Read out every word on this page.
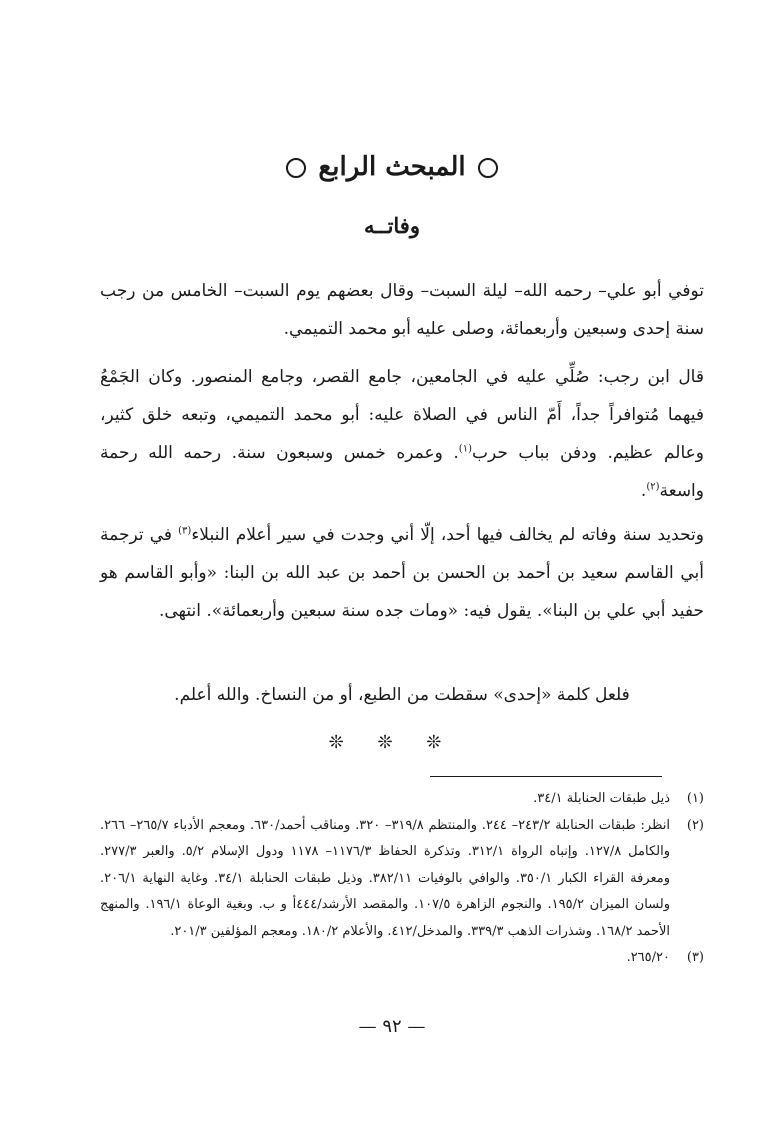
المبحث الرابع
وفاتــه

توفي أبو علي– رحمه الله– ليلة السبت– وقال بعضهم يوم السبت– الخامس من رجب سنة إحدى وسبعين وأربعمائة، وصلى عليه أبو محمد التميمي.

قال ابن رجب: صُلِّي عليه في الجامعين، جامع القصر، وجامع المنصور. وكان الجَمْعُ فيهما مُتوافراً جداً، أَمّ الناس في الصلاة عليه: أبو محمد التميمي، وتبعه خلق كثير، وعالم عظيم. ودفن بباب حرب$^{(١)}$. وعمره خمس وسبعون سنة. رحمه الله رحمة واسعة$^{(٢)}$.

وتحديد سنة وفاته لم يخالف فيها أحد، إلّا أني وجدت في سير أعلام النبلاء$^{(٣)}$ في ترجمة أبي القاسم سعيد بن أحمد بن الحسن بن أحمد بن عبد الله بن البنا: «وأبو القاسم هو حفيد أبي علي بن البنا». يقول فيه: «ومات جده سنة سبعين وأربعمائة». انتهى.

فلعل كلمة «إحدى» سقطت من الطبع، أو من النساخ. والله أعلم.

❊ ❊ ❊
(١)
ذيل طبقات الحنابلة ٣٤/١.
(٢)
انظر: طبقات الحنابلة ٢٤٣/٢– ٢٤٤. والمنتظم ٣١٩/٨– ٣٢٠. ومناقب أحمد/٦٣٠. ومعجم الأدباء ٢٦٥/٧– ٢٦٦. والكامل ١٢٧/٨. وإنباه الرواة ٣١٢/١. وتذكرة الحفاظ ١١٧٦/٣– ١١٧٨ ودول الإسلام ٥/٢. والعبر ٢٧٧/٣. ومعرفة القراء الكبار ٣٥٠/١. والوافي بالوفيات ٣٨٢/١١. وذيل طبقات الحنابلة ٣٤/١. وغاية النهاية ٢٠٦/١. ولسان الميزان ١٩٥/٢. والنجوم الزاهرة ١٠٧/٥. والمقصد الأرشد/٤٤٤أ و ب. وبغية الوعاة ١٩٦/١. والمنهج الأحمد ١٦٨/٢. وشذرات الذهب ٣٣٩/٣. والمدخل/٤١٢. والأعلام ١٨٠/٢. ومعجم المؤلفين ٢٠١/٣.
(٣)
٢٦٥/٢٠.
— ٩٢ —
